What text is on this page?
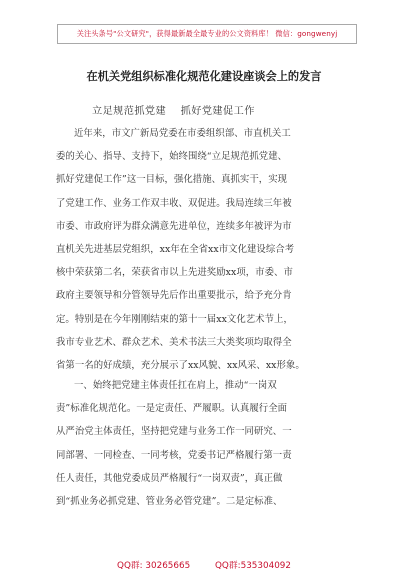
关注头条号"公文研究"，获得最新最全最专业的公文资料库！ 微信：gongwenyj
在机关党组织标准化规范化建设座谈会上的发言
立足规范抓党建    抓好党建促工作
近年来，市文广新局党委在市委组织部、市直机关工
委的关心、指导、支持下，始终围绕“立足规范抓党建、
抓好党建促工作”这一目标，强化措施、真抓实干，实现
了党建工作、业务工作双丰收、双促进。我局连续三年被
市委、市政府评为群众满意先进单位，连续多年被评为市
直机关先进基层党组织，xx年在全省xx市文化建设综合考
核中荣获第二名，荣获省市以上先进奖励xx项，市委、市
政府主要领导和分管领导先后作出重要批示，给予充分肯
定。特别是在今年刚刚结束的第十一届xx文化艺术节上，
我市专业艺术、群众艺术、美术书法三大类奖项均取得全
省第一名的好成绩，充分展示了xx风貌、xx风采、xx形象。
一、始终把党建主体责任扛在肩上，推动“一岗双
责”标准化规范化。一是定责任、严履职。认真履行全面
从严治党主体责任，坚持把党建与业务工作一同研究、一
同部署、一同检查、一同考核，党委书记严格履行第一责
任人责任，其他党委成员严格履行“一岗双责”，真正做
到“抓业务必抓党建、管业务必管党建”。二是定标准、
QQ群: 30265665	QQ群:535304092
